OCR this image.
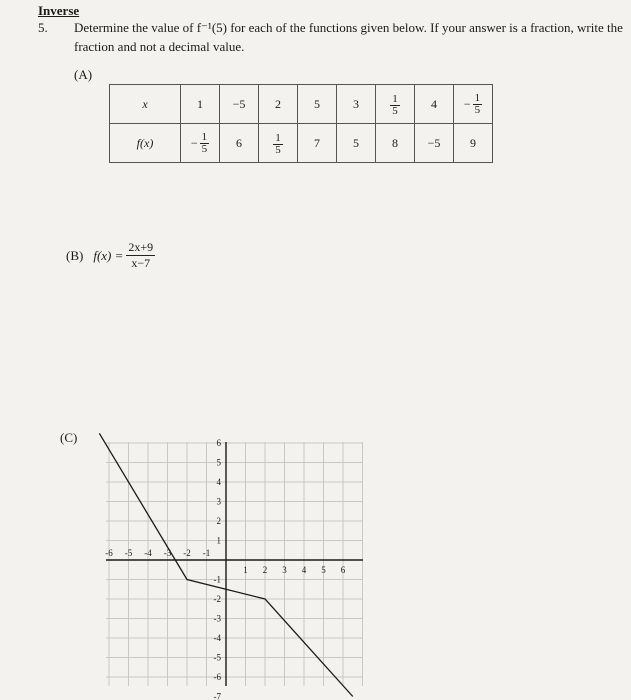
Inverse
5. Determine the value of f⁻¹(5) for each of the functions given below. If your answer is a fraction, write the fraction and not a decimal value.
(A)
x	1	−5	2	5	3	$\frac{1}{5}$	4	− $\frac{1}{5}$

f(x)	− $\frac{1}{5}$	6	$\frac{1}{5}$	7	5	8	−5	9
(B) $f(x) = \frac{2x+9}{x-7}$
(C)
-6 -5 -4 -3 -2 -1
1 2 3 4 5 6
6
5
4
3
2
1
-1
-2
-3
-4
-5
-6
-7
